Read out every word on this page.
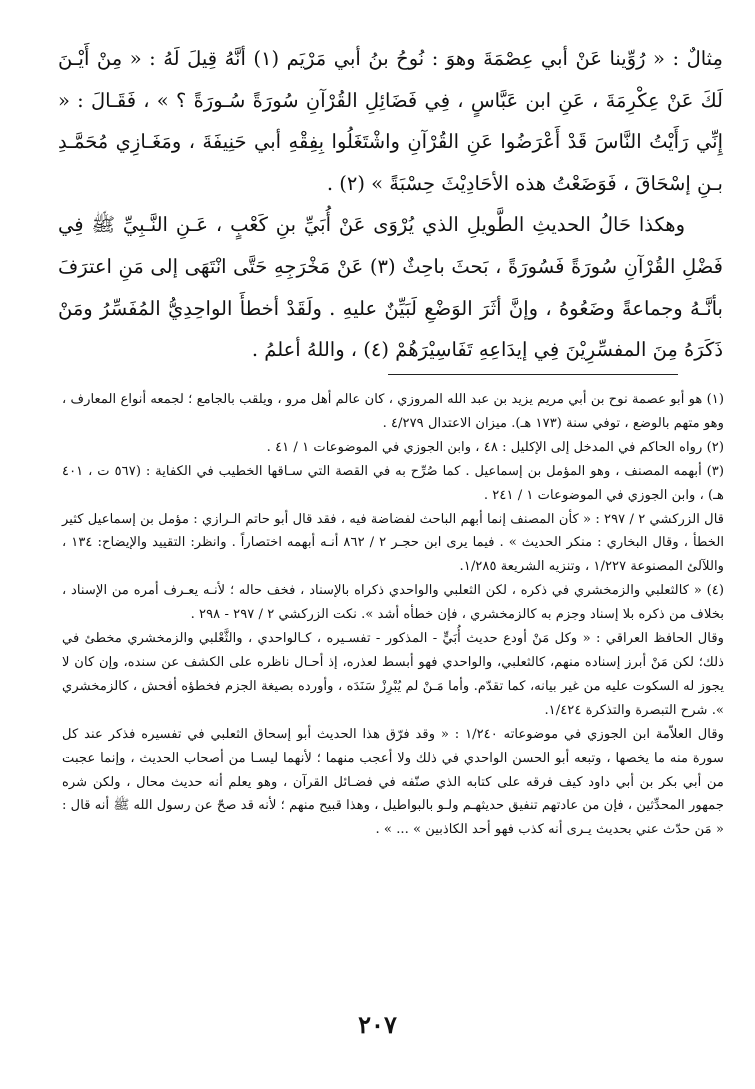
مِثالٌ : « رُوِّينا عَنْ أبي عِصْمَةَ وهوَ : نُوحُ بنُ أبي مَرْيَم (١) أنَّهُ قِيلَ لَهُ : « مِنْ أَيْـنَ لَكَ عَنْ عِكْرِمَةَ ، عَنِ ابن عَبَّاسٍ ، فِي فَضَائِلِ القُرْآنِ سُورَةً سُـورَةً ؟ » ، فَقَـالَ : « إِنِّي رَأَيْتُ النَّاسَ قَدْ أَعْرَضُوا عَنِ القُرْآنِ واشْتَغَلُوا بِفِقْهِ أبي حَنِيفَةَ ، ومَغَـازِي مُحَمَّـدِ بـنِ إسْحَاقَ ، فَوَضَعْتُ هذه الأحَادِيْثَ حِسْبَةً » (٢) .

وهكذا حَالُ الحديثِ الطَّويلِ الذي يُرْوَى عَنْ أُبَيِّ بنِ كَعْبٍ ، عَـنِ النَّـبِيِّ ﷺ فِي فَضْلِ القُرْآنِ سُورَةً فَسُورَةً ، بَحثَ باحِثٌ (٣) عَنْ مَخْرَجِهِ حَتَّى انْتَهَى إلى مَنِ اعترَفَ بأنَّـهُ وجماعةً وضَعُوهُ ، وإنَّ أثَرَ الوَضْعِ لَبَيِّنٌ عليهِ . ولَقَدْ أخطأَ الواحِدِيُّ المُفَسِّرُ ومَنْ ذَكَرَهُ مِنَ المفسِّرِيْنَ فِي إيدَاعِهِ تَفَاسِيْرَهُمْ (٤) ، واللهُ أعلمُ .

(١) هو أبو عصمة نوح بن أبي مريم يزيد بن عبد الله المروزي ، كان عالم أهل مرو ، ويلقب بالجامع ؛ لجمعه أنواع المعارف ، وهو متهم بالوضع ، توفي سنة (١٧٣ هـ). ميزان الاعتدال ٤/٢٧٩ .

(٢) رواه الحاكم في المدخل إلى الإكليل : ٤٨ ، وابن الجوزي في الموضوعات ١ / ٤١ .

(٣) أبهمه المصنف ، وهو المؤمل بن إسماعيل . كما صُرِّح به في القصة التي سـاقها الخطيب في الكفاية : (٥٦٧ ت ، ٤٠١ هـ) ، وابن الجوزي في الموضوعات ١ / ٢٤١ .

قال الزركشي ٢ / ٢٩٧ : « كأن المصنف إنما أبهم الباحث لفضاضة فيه ، فقد قال أبو حاتم الـرازي : مؤمل بن إسماعيل كثير الخطأ ، وقال البخاري : منكر الحديث » . فيما يرى ابن حجـر ٢ / ٨٦٢ أنـه أبهمه اختصاراً . وانظر: التقييد والإيضاح: ١٣٤ ، واللآلئ المصنوعة ١/٢٢٧ ، وتنزيه الشريعة ١/٢٨٥.

(٤) « كالثعلبي والزمخشري في ذكره ، لكن الثعلبي والواحدي ذكراه بالإسناد ، فخف حاله ؛ لأنـه يعـرف أمره من الإسناد ، بخلاف من ذكره بلا إسناد وجزم به كالزمخشري ، فإن خطأه أشد ». نكت الزركشي ٢ / ٢٩٧ - ٢٩٨ .

وقال الحافظ العراقي : « وكل مَنْ أودع حديث أُبَيٍّ - المذكور - تفسـيره ، كـالواحدي ، والثَّعْلبي والزمخشري مخطئ في ذلك؛ لكن مَنْ أبرز إسناده منهم، كالثعلبي، والواحدي فهو أبسط لعذره، إذ أحـال ناظره على الكشف عن سنده، وإن كان لا يجوز له السكوت عليه من غير بيانه، كما تقدّم. وأما مَـنْ لم يُبْرِزْ سَنَدَه ، وأورده بصيغة الجزم فخطؤه أفحش ، كالزمخشري ». شرح التبصرة والتذكرة ١/٤٢٤.

وقال العلاّمة ابن الجوزي في موضوعاته ١/٢٤٠ : « وقد فرّق هذا الحديث أبو إسحاق الثعلبي في تفسيره فذكر عند كل سورة منه ما يخصها ، وتبعه أبو الحسن الواحدي في ذلك ولا أعجب منهما ؛ لأنهما ليسـا من أصحاب الحديث ، وإنما عجبت من أبي بكر بن أبي داود كيف فرقه على كتابه الذي صنّفه في فضـائل القرآن ، وهو يعلم أنه حديث محال ، ولكن شره جمهور المحدِّثين ، فإن من عادتهم تنفيق حديثهـم ولـو بالبواطيل ، وهذا قبيح منهم ؛ لأنه قد صحّ عن رسول الله ﷺ أنه قال : « مَن حدّث عني بحديث يـرى أنه كذب فهو أحد الكاذبين » ... » .

٢٠٧
